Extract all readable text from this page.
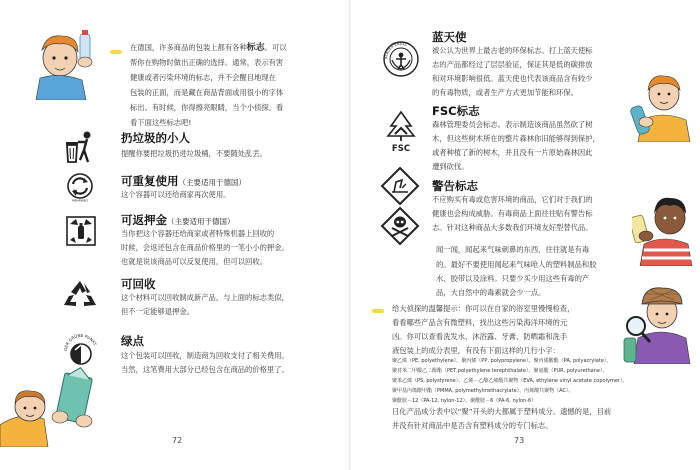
在德国，许多商品的包装上都有各种标志。可以
帮你在购物时做出正确的选择。通常，表示有害
健康或者污染环境的标志，并不会醒目地现在
包装的正面，而是藏在商品背面或用很小的字体
标出。有时候，你得擦亮眼睛，当个小侦探。看
看下面这些标志吧!
扔垃圾的小人
提醒你要把垃圾扔进垃圾桶，不要随处乱丢。
MEHRWEG
可重复使用（主要适用于德国）
这个容器可以还给商家再次使用。
可返押金（主要适用于德国）
当你把这个容器还给商家或者特殊机器上回收的
时候，会返还包含在商品价格里的一笔小小的押金。
也就是说该商品可以反复使用，但可以回收。
可回收
这个材料可以回收制成新产品，与上面的标志类似，
但不一定能够退押金。
DER GRÜNE PUNKT 绿点
这个包装可以回收，制造商为回收支付了相关费用。
当然，这笔费用大部分已经包含在商品的价格里了。
72
BLAUER ENGEL
蓝天使
被公认为世界上最古老的环保标志。打上蓝天使标
志的产品都经过了层层验证，保证其是低的碳排放
和对环境影响很低。蓝天使也代表该商品含有较少
的有毒物质，或者生产方式更加节能和环保。
FSC
FSC标志
森林管理委员会标志。表示制造该商品虽然砍了树
木，但这些树木所在的整片森林你旧能够得到保护，
或者种植了新的树木，并且没有一片原始森林因此
遭到砍伐。
警告标志
不应购买有毒或危害环境的商品，它们对于我们的
健康也会构成威胁。有毒商品上面往往贴有警告标
志。针对这种商品大多数我们环境友好型替代品。
闻一闻，闻起来气味刺鼻的东西，往往就是有毒
的。最好不要使用闻起来气味呛人的塑料制品和胶
水、胶带以及涂料。只要少买少用这些有毒的产
品，大自然中的毒素就会少一点。
给大侦探的温馨提示：你可以在自家的浴室里慢慢检查，
看看哪些产品含有微塑料，找出这些污染海洋环境的元
凶。你可以查看洗发水、沐浴露、牙膏、防晒霜和洗手
液包装上的成分表里，有没有下面这样的几行小字：
聚乙烯（PE, polyethylene）、聚丙烯（PP, polypropylene）、聚丙烯酸酯（PA, polyacrylate）、
聚对苯二甲酸乙二醇酯（PET,polyethylene terephthalate）、聚氨酯（PUR, polyurethane）、
聚苯乙烯（PS, polystyrene）、乙烯－乙酸乙烯酯共聚物（EVA, ethylene vinyl acetate copolymer）、
聚甲基丙烯酸甲酯（PMMA, polymethylmethacrylate）、丙烯酸共聚物（AC）、
聚酰胺－12（PA-12, nylon-12）、聚酰胺－6（PA-6, nylon-6）
日化产品成分表中以“聚”开头的大都属于塑料成分。遗憾的是，目前
并没有针对商品中是否含有塑料成分的专门标志。
73
